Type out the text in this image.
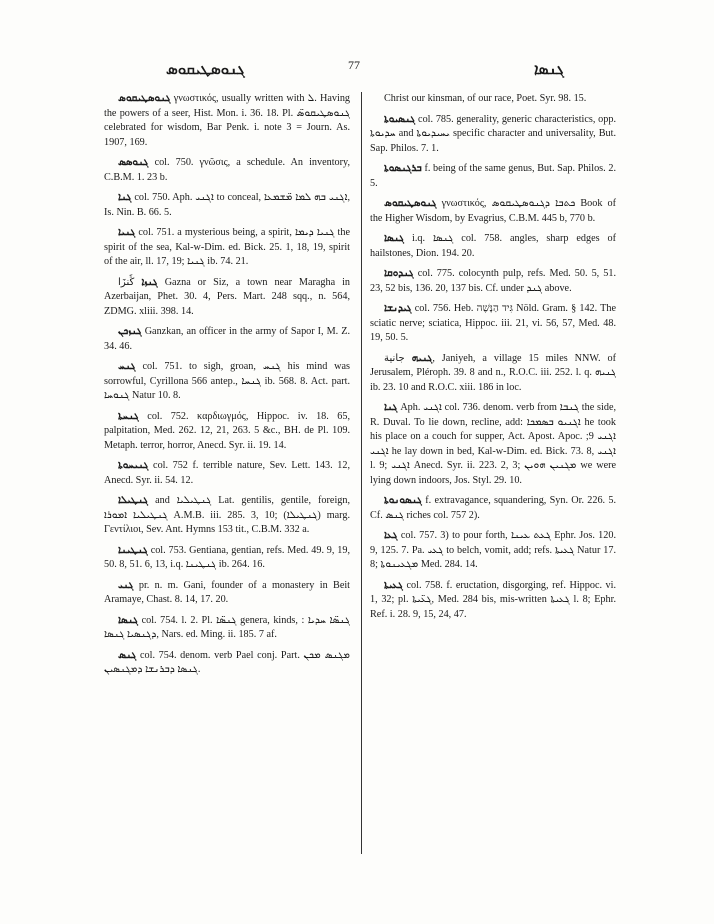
ܓܢܘܣܛܝܩܘܣ	77	ܓܢܣܐ

ܓܢܘܣܛܝܩܘܣ γνωστικός, usually written with ܠ. Having the powers of a seer, Hist. Mon. i. 36. 18. Pl. ܓܢܘܣܛܝܩܘܣ̈ celebrated for wisdom, Bar Penk. i. note 3 = Journ. As. 1907, 169.

ܓܢܘܣܣ col. 750. γνῶσις, a schedule. An inventory, C.B.M. 1. 23 b.

ܓܢܐ col. 750. Aph. ܐܓܢܝ to conceal, ܐܓܢܝ ܒܗ ܠܡܐ ܡ̈ܫܡܥܐ, Is. Nin. B. 66. 5.

ܓܢܝܐ col. 751. a mysterious being, a spirit, ܓܢܝܐ ܕܝܡܐ the spirit of the sea, Kal-w-Dim. ed. Bick. 25. 1, 18, 19, spirit of the air, ll. 17, 19; ܓܢܝܐ ib. 74. 21.

ܓܢܙܐ ڭَنزَا Gazna or Siz, a town near Maragha in Azerbaijan, Phet. 30. 4, Pers. Mart. 248 sqq., n. 564, ZDMG. xliii. 398. 14.

ܓܢܙܟܢ Ganzkan, an officer in the army of Sapor I, M. Z. 34. 46.

ܓܢܚ col. 751. to sigh, groan, ܓܢܚ his mind was sorrowful, Cyrillona 566 antep., ܓܢܚܐ ib. 568. 8. Act. part. ܓܢܘܚܐ Natur 10. 8.

ܓܢܚܬܐ col. 752. καρδιωγμός, Hippoc. iv. 18. 65, palpitation, Med. 262. 12, 21, 263. 5 &c., BH. de Pl. 109. Metaph. terror, horror, Anecd. Syr. ii. 19. 14.

ܓܢܝܚܘܬܐ col. 752 f. terrible nature, Sev. Lett. 143. 12, Anecd. Syr. ii. 54. 12.

ܓܢܛܝܠܐ and ܓܢܛܝܠܝܐ Lat. gentilis, gentile, foreign, ܓܢܛܝܠܝܐ ܐܡܘܪܐ A.M.B. iii. 285. 3, 10; (ܓܢܛܝܠܐ) marg. Γεντίλιοι, Sev. Ant. Hymns 153 tit., C.B.M. 332 a.

ܓܢܛܝܢܐ col. 753. Gentiana, gentian, refs. Med. 49. 9, 19, 50. 8, 51. 6, 13, i.q. ܓܢܛܝܢܐ ib. 264. 16.

ܓܢܝ pr. n. m. Gani, founder of a monastery in Beit Aramaye, Chast. 8. 14, 17. 20.

ܓܢܣܐ col. 754. l. 2. Pl. ܓܢܣ̈ܐ genera, kinds, ܓܢܣ̈ܐ ܚܕܝܐ : ܕܓܢܣܝܐ ܓܢܣܐ, Nars. ed. Ming. ii. 185. 7 af.

ܓܢܣ col. 754. denom. verb Pael conj. Part. ܡܓܢܣ ܡܟܢ ܓܢܣܐ ܕܒܪܢܫܐ ܕܡܓܢܣܝܢ.

Christ our kinsman, of our race, Poet. Syr. 98. 15.

ܓܢܣܝܘܬܐ col. 785. generality, generic characteristics, opp. ܚܕܝܘܬܐ and ܝܚܝܕܝܘܬܐ specific character and universality, But. Sap. Philos. 7. 1.

ܒܪܓܢܣܘܬܐ f. being of the same genus, But. Sap. Philos. 2. 5.

ܓܢܘܣܛܝܩܘܣ γνωστικός, ܟܬܒܐ ܕܓܢܘܣܛܝܩܘܣ Book of the Higher Wisdom, by Evagrius, C.B.M. 445 b, 770 b.

ܓܢܣܐ i.q. ܓܢܣܐ col. 758. angles, sharp edges of hailstones, Dion. 194. 20.

ܓܢܕܘܩܐ col. 775. colocynth pulp, refs. Med. 50. 5, 51. 23, 52 bis, 136. 20, 137 bis. Cf. under ܓܢܕ above.

ܓܝܕܢܫܐ col. 756. Heb. גִּיד הַנָּשֶׁה Nöld. Gram. § 142. The sciatic nerve; sciatica, Hippoc. iii. 21, vi. 56, 57, Med. 48. 19, 50. 5.

ܓܢܝܗ جانية, Janiyeh, a village 15 miles NNW. of Jerusalem, Pléroph. 39. 8 and n., R.O.C. iii. 252. l. q. ܓܢܝܗ ib. 23. 10 and R.O.C. xiii. 186 in loc.

ܓܢܐ Aph. ܐܓܢܝ col. 736. denom. verb from ܓܢܒܐ the side, R. Duval. To lie down, recline, add: ܐܓܢܝܘ ܒܣܡܟܐ he took his place on a couch for supper, Act. Apost. Apoc. ܐܓܢܝ 9; ܐܓܢܝ he lay down in bed, Kal-w-Dim. ed. Bick. 73. 8, ܐܓܢܝ l. 9; ܐܓܢܝ Anecd. Syr. ii. 223. 2, 3; ܡܓܢܝܢ ܗܘܝܢ we were lying down indoors, Jos. Styl. 29. 10.

ܓܢܣܘܢܘܬܐ f. extravagance, squandering, Syn. Or. 226. 5. Cf. ܓܢܣ riches col. 757 2).

ܓܥܐ col. 757. 3) to pour forth, ܓܥܬ ܥܝܢܐ Ephr. Jos. 120. 9, 125. 7. Pa. ܓܥܝ to belch, vomit, add; refs. ܓܥܝܬܐ Natur 17. 8; ܡܓܥܝܢܘܬܐ Med. 284. 14.

ܓܥܝܬܐ col. 758. f. eructation, disgorging, ref. Hippoc. vi. 1, 32; pl. ܓܥ̈ܝܬܐ, Med. 284 bis, mis-written ܓܥܝܬܐ l. 8; Ephr. Ref. i. 28. 9, 15, 24, 47.
